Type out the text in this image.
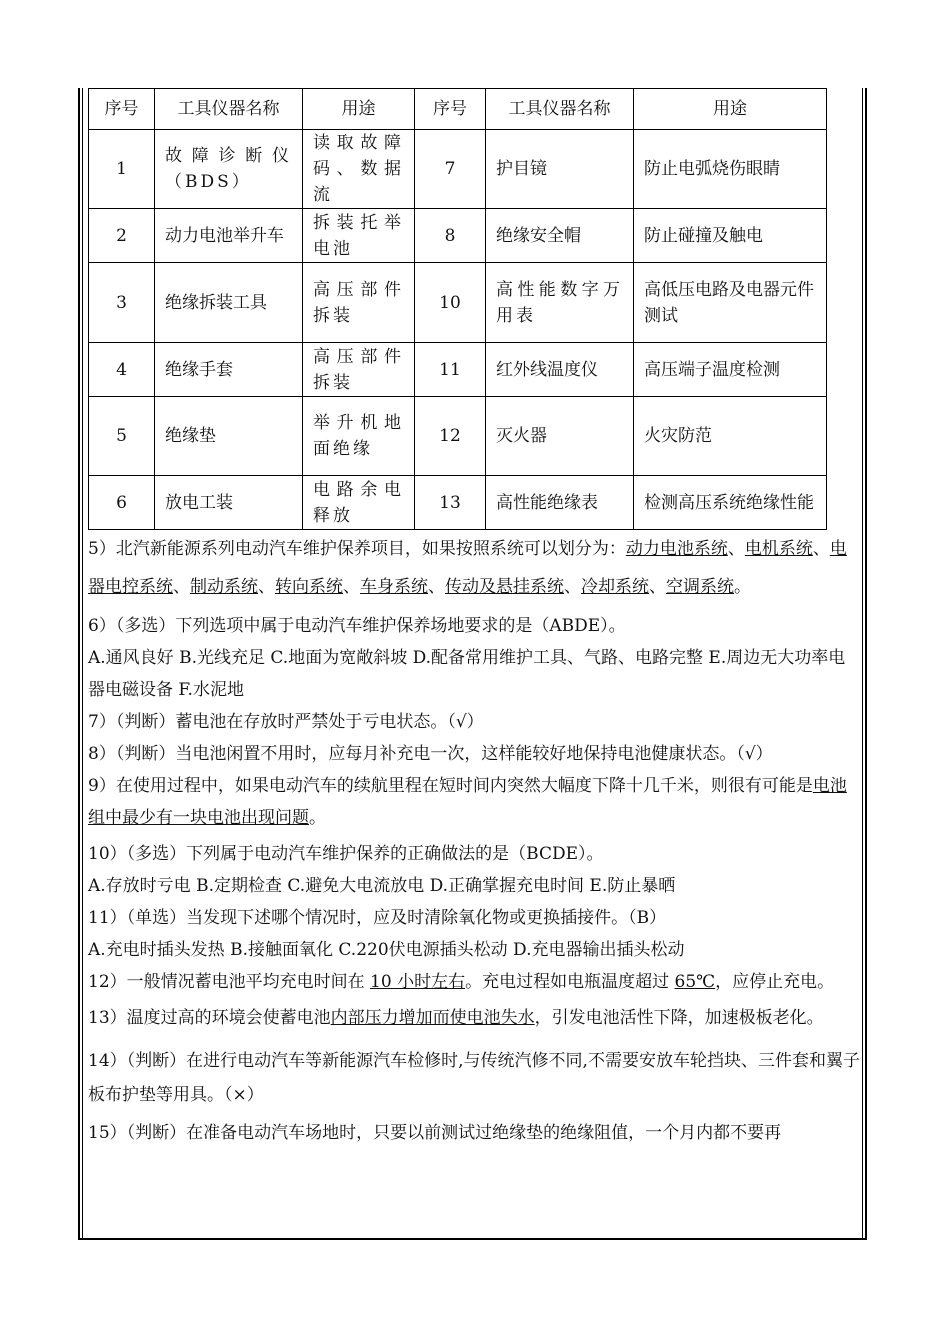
序号	工具仪器名称	用途	序号	工具仪器名称	用途
1	故障诊断仪（BDS）	读取故障码、数据流	7	护目镜	防止电弧烧伤眼睛
2	动力电池举升车	拆装托举电池	8	绝缘安全帽	防止碰撞及触电
3	绝缘拆装工具	高压部件拆装	10	高性能数字万用表	高低压电路及电器元件测试
4	绝缘手套	高压部件拆装	11	红外线温度仪	高压端子温度检测
5	绝缘垫	举升机地面绝缘	12	灭火器	火灾防范
6	放电工装	电路余电释放	13	高性能绝缘表	检测高压系统绝缘性能

5）北汽新能源系列电动汽车维护保养项目，如果按照系统可以划分为：动力电池系统、电机系统、电器电控系统、制动系统、转向系统、车身系统、传动及悬挂系统、冷却系统、空调系统。

6）（多选）下列选项中属于电动汽车维护保养场地要求的是（ABDE）。

A.通风良好 B.光线充足 C.地面为宽敞斜坡 D.配备常用维护工具、气路、电路完整 E.周边无大功率电器电磁设备 F.水泥地

7）（判断）蓄电池在存放时严禁处于亏电状态。（√）

8）（判断）当电池闲置不用时，应每月补充电一次，这样能较好地保持电池健康状态。（√）

9）在使用过程中，如果电动汽车的续航里程在短时间内突然大幅度下降十几千米，则很有可能是电池组中最少有一块电池出现问题。

10）（多选）下列属于电动汽车维护保养的正确做法的是（BCDE）。

A.存放时亏电 B.定期检查 C.避免大电流放电 D.正确掌握充电时间 E.防止暴晒

11）（单选）当发现下述哪个情况时，应及时清除氧化物或更换插接件。（B）

A.充电时插头发热 B.接触面氧化 C.220伏电源插头松动 D.充电器输出插头松动

12）一般情况蓄电池平均充电时间在 10 小时左右。充电过程如电瓶温度超过 65℃，应停止充电。

13）温度过高的环境会使蓄电池内部压力增加而使电池失水，引发电池活性下降，加速极板老化。

14）（判断）在进行电动汽车等新能源汽车检修时,与传统汽修不同,不需要安放车轮挡块、三件套和翼子板布护垫等用具。（×）

15）（判断）在准备电动汽车场地时，只要以前测试过绝缘垫的绝缘阻值，一个月内都不要再
